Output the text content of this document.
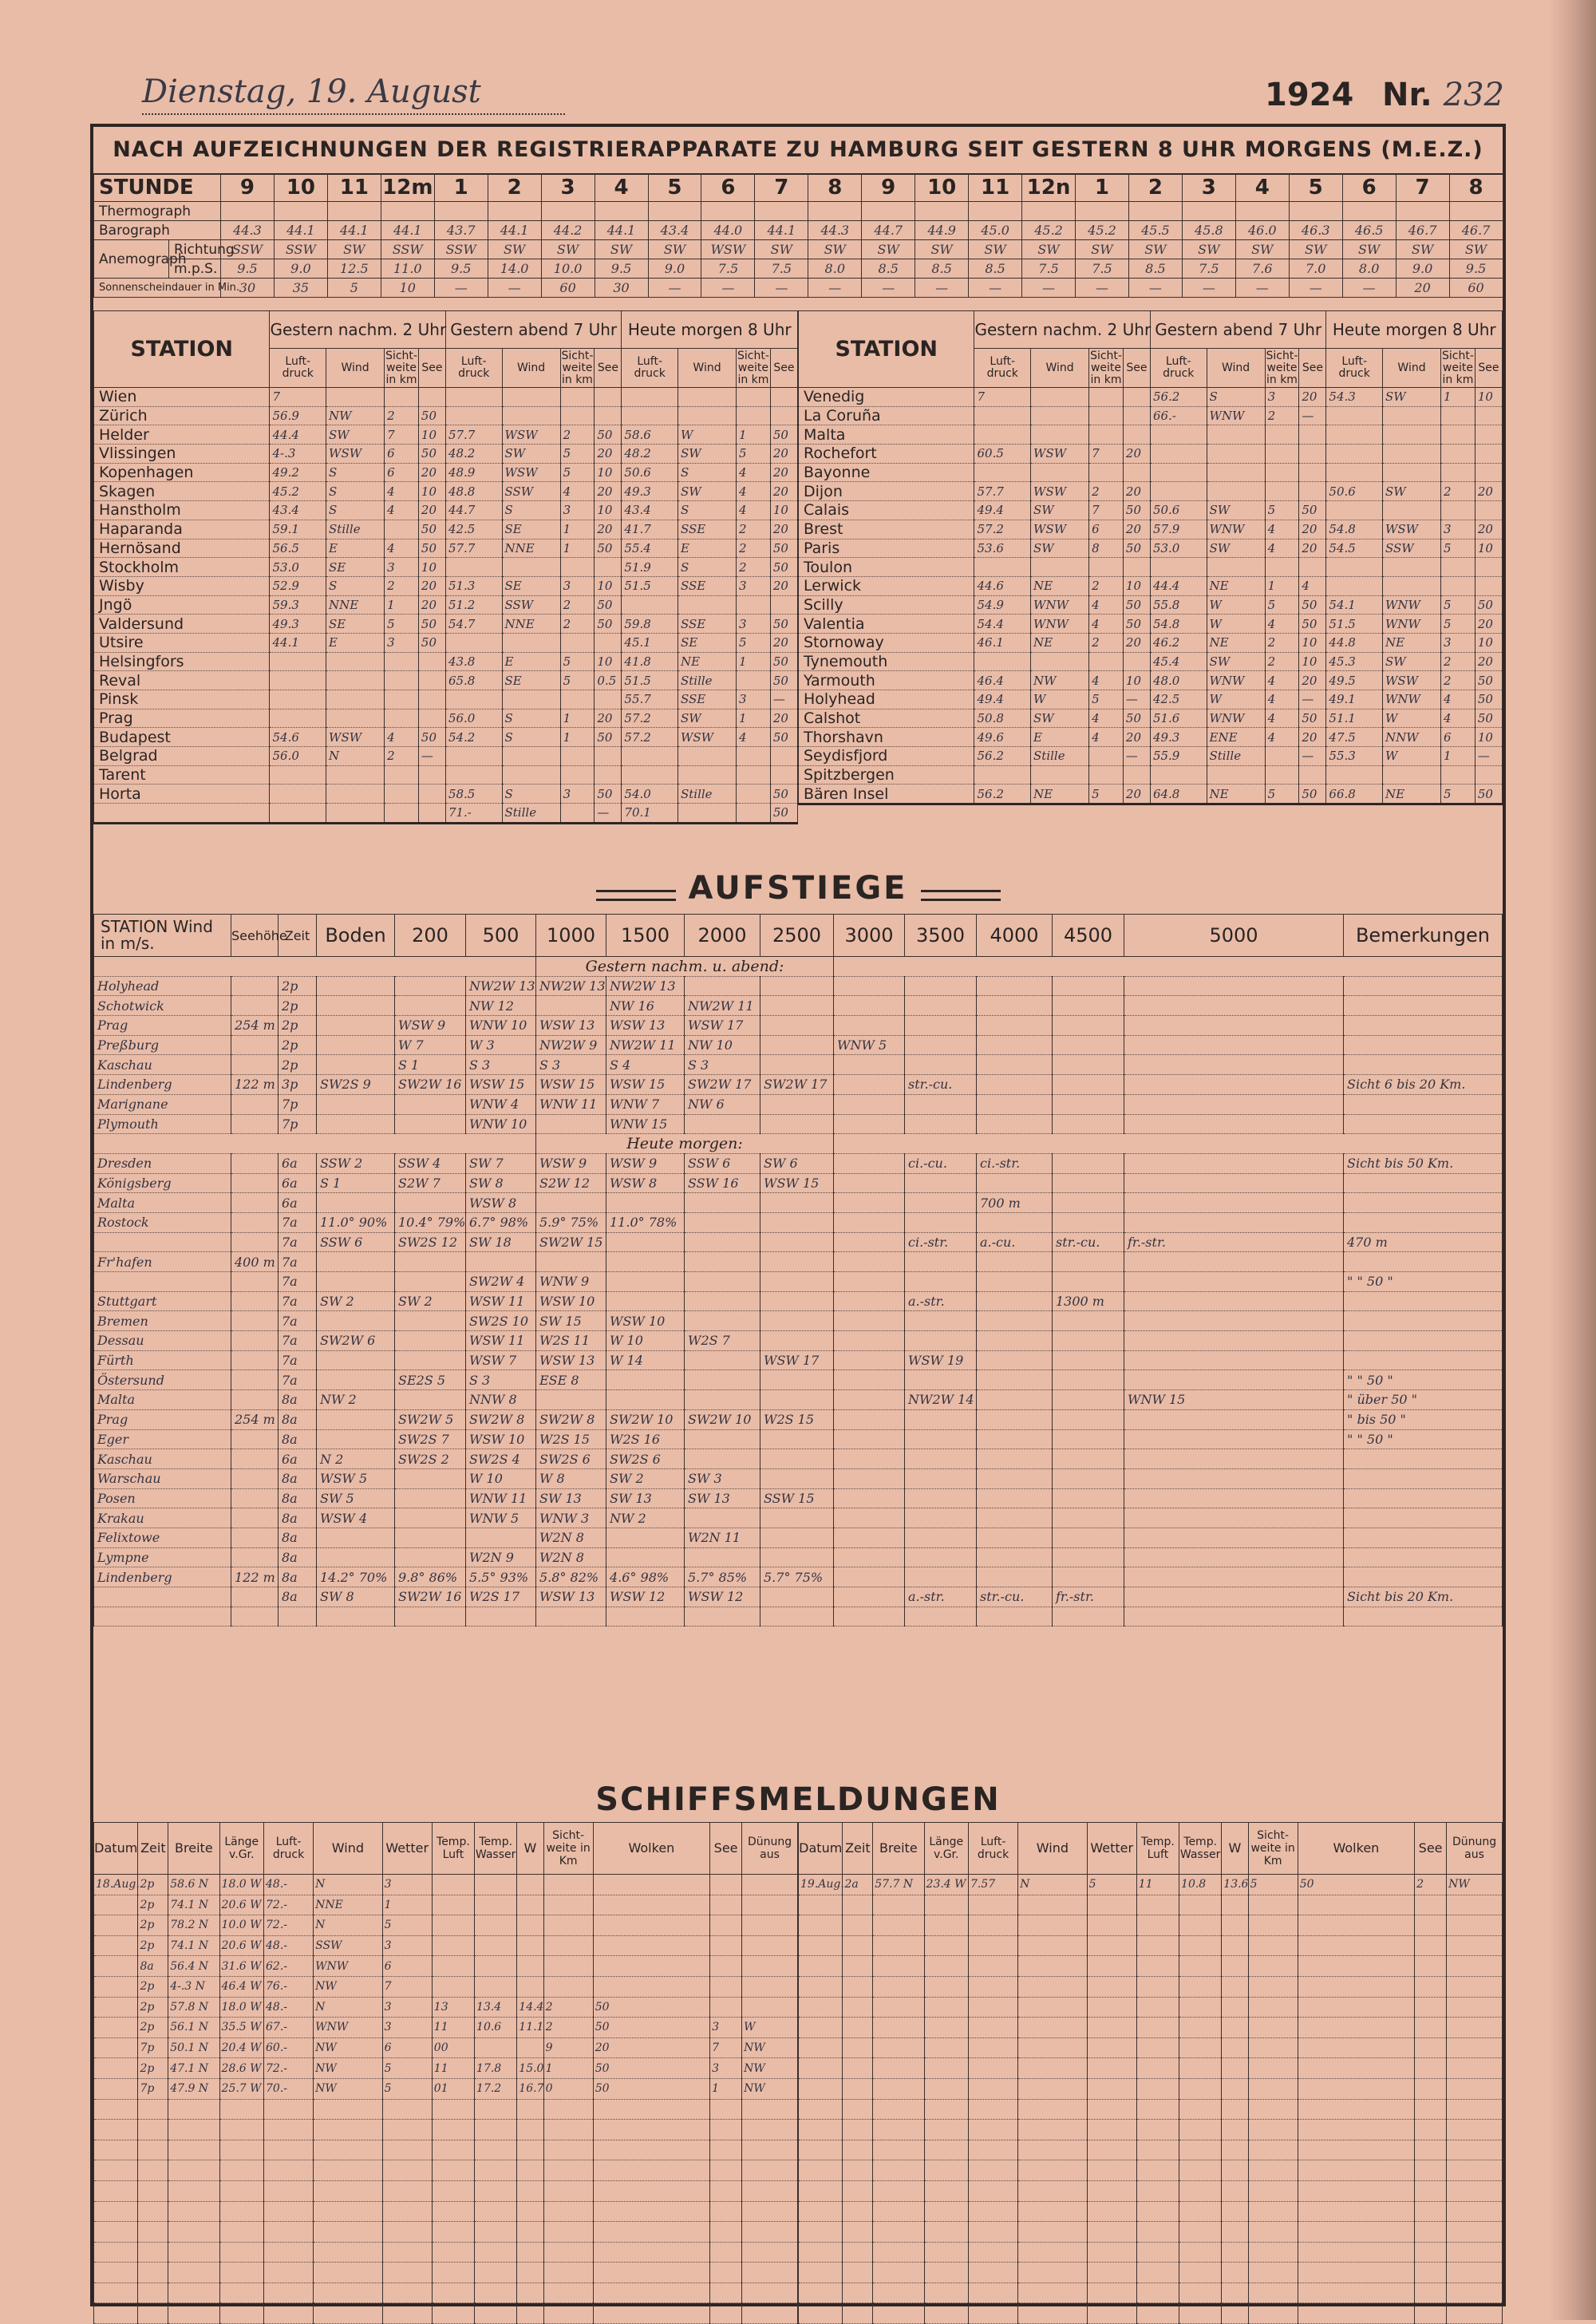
Dienstag, 19. August	1924 Nr. 232
NACH AUFZEICHNUNGEN DER REGISTRIERAPPARATE ZU HAMBURG SEIT GESTERN 8 UHR MORGENS (M.E.Z.)
STUNDE		9	10	11	12m	1	2	3	4	5	6	7	8	9	10	11	12n	1	2	3	4	5	6	7	8
Thermograph																									
Barograph		44.3	44.1	44.1	44.1	43.7	44.1	44.2	44.1	43.4	44.0	44.1	44.3	44.7	44.9	45.0	45.2	45.2	45.5	45.8	46.0	46.3	46.5	46.7	46.7
Anemograph	Richtung	SSW	SSW	SW	SSW	SSW	SW	SW	SW	SW	WSW	SW	SW	SW	SW	SW	SW	SW	SW	SW	SW	SW	SW	SW	SW
	m.p.S.	9.5	9.0	12.5	11.0	9.5	14.0	10.0	9.5	9.0	7.5	7.5	8.0	8.5	8.5	8.5	7.5	7.5	8.5	7.5	7.6	7.0	8.0	9.0	9.5
Sonnenscheindauer in Min.		30	35	5	10	—	—	60	30	—	—	—	—	—	—	—	—	—	—	—	—	—	—	20	60
STATION	Gestern nachm. 2 Uhr				Gestern abend 7 Uhr				Heute morgen 8 Uhr			
	Luft-druck	Wind	Sicht-weite in km	See	Luft-druck	Wind	Sicht-weite in km	See	Luft-druck	Wind	Sicht-weite in km	See
Wien	7											
Zürich	56.9	NW	2	50								
Helder	44.4	SW	7	10	57.7	WSW	2	50	58.6	W	1	50
Vlissingen	4-.3	WSW	6	50	48.2	SW	5	20	48.2	SW	5	20
Kopenhagen	49.2	S	6	20	48.9	WSW	5	10	50.6	S	4	20
Skagen	45.2	S	4	10	48.8	SSW	4	20	49.3	SW	4	20
Hanstholm	43.4	S	4	20	44.7	S	3	10	43.4	S	4	10
Haparanda	59.1	Stille		50	42.5	SE	1	20	41.7	SSE	2	20
Hernösand	56.5	E	4	50	57.7	NNE	1	50	55.4	E	2	50
Stockholm	53.0	SE	3	10					51.9	S	2	50
Wisby	52.9	S	2	20	51.3	SE	3	10	51.5	SSE	3	20
Jngö	59.3	NNE	1	20	51.2	SSW	2	50				
Valdersund	49.3	SE	5	50	54.7	NNE	2	50	59.8	SSE	3	50
Utsire	44.1	E	3	50					45.1	SE	5	20
Helsingfors					43.8	E	5	10	41.8	NE	1	50
Reval					65.8	SE	5	0.5	51.5	Stille		50
Pinsk									55.7	SSE	3	—
Prag					56.0	S	1	20	57.2	SW	1	20
Budapest	54.6	WSW	4	50	54.2	S	1	50	57.2	WSW	4	50
Belgrad	56.0	N	2	—								
Tarent												
Horta					58.5	S	3	50	54.0	Stille		50
					71.-	Stille		—	70.1			50
STATION	Gestern nachm. 2 Uhr				Gestern abend 7 Uhr				Heute morgen 8 Uhr			
	Luft-druck	Wind	Sicht-weite in km	See	Luft-druck	Wind	Sicht-weite in km	See	Luft-druck	Wind	Sicht-weite in km	See
Venedig	7				56.2	S	3	20	54.3	SW	1	10
La Coruña					66.-	WNW	2	—				
Malta												
Rochefort	60.5	WSW	7	20								
Bayonne												
Dijon	57.7	WSW	2	20					50.6	SW	2	20
Calais	49.4	SW	7	50	50.6	SW	5	50				
Brest	57.2	WSW	6	20	57.9	WNW	4	20	54.8	WSW	3	20
Paris	53.6	SW	8	50	53.0	SW	4	20	54.5	SSW	5	10
Toulon												
Lerwick	44.6	NE	2	10	44.4	NE	1	4				
Scilly	54.9	WNW	4	50	55.8	W	5	50	54.1	WNW	5	50
Valentia	54.4	WNW	4	50	54.8	W	4	50	51.5	WNW	5	20
Stornoway	46.1	NE	2	20	46.2	NE	2	10	44.8	NE	3	10
Tynemouth					45.4	SW	2	10	45.3	SW	2	20
Yarmouth	46.4	NW	4	10	48.0	WNW	4	20	49.5	WSW	2	50
Holyhead	49.4	W	5	—	42.5	W	4	—	49.1	WNW	4	50
Calshot	50.8	SW	4	50	51.6	WNW	4	50	51.1	W	4	50
Thorshavn	49.6	E	4	20	49.3	ENE	4	20	47.5	NNW	6	10
Seydisfjord	56.2	Stille		—	55.9	Stille		—	55.3	W	1	—
Spitzbergen												
Bären Insel	56.2	NE	5	20	64.8	NE	5	50	66.8	NE	5	50
AUFSTIEGE
STATION Wind in m/s.	Seehöhe	Zeit	Boden	200	500	1000	1500	2000	2500	3000	3500	4000	4500	5000	Bemerkungen
						Gestern nachm. u. abend:									
Holyhead		2p			NW2W 13	NW2W 13	NW2W 13								
Schotwick		2p			NW 12		NW 16	NW2W 11							
Prag	254 m	2p		WSW 9	WNW 10	WSW 13	WSW 13	WSW 17							
Preßburg		2p		W 7	W 3	NW2W 9	NW2W 11	NW 10		WNW 5					
Kaschau		2p		S 1	S 3	S 3	S 4	S 3							
Lindenberg	122 m	3p	SW2S 9	SW2W 16	WSW 15	WSW 15	WSW 15	SW2W 17	SW2W 17		str.-cu.				Sicht 6 bis 20 Km.
Marignane		7p			WNW 4	WNW 11	WNW 7	NW 6							
Plymouth		7p			WNW 10		WNW 15								
						Heute morgen:									
Dresden		6a	SSW 2	SSW 4	SW 7	WSW 9	WSW 9	SSW 6	SW 6		ci.-cu.	ci.-str.			Sicht bis 50 Km.
Königsberg		6a	S 1	S2W 7	SW 8	S2W 12	WSW 8	SSW 16	WSW 15						
Malta		6a			WSW 8							700 m			
Rostock		7a	11.0° 90%	10.4° 79%	6.7° 98%	5.9° 75%	11.0° 78%								
		7a	SSW 6	SW2S 12	SW 18	SW2W 15					ci.-str.	a.-cu.	str.-cu.	fr.-str.	470 m
Fr'hafen	400 m	7a													
		7a			SW2W 4	WNW 9									" " 50 "
Stuttgart		7a	SW 2	SW 2	WSW 11	WSW 10					a.-str.		1300 m		
Bremen		7a			SW2S 10	SW 15	WSW 10								
Dessau		7a	SW2W 6		WSW 11	W2S 11	W 10	W2S 7							
Fürth		7a			WSW 7	WSW 13	W 14		WSW 17		WSW 19				
Östersund		7a		SE2S 5	S 3	ESE 8									" " 50 "
Malta		8a	NW 2		NNW 8						NW2W 14			WNW 15	" über 50 "
Prag	254 m	8a		SW2W 5	SW2W 8	SW2W 8	SW2W 10	SW2W 10	W2S 15						" bis 50 "
Eger		8a		SW2S 7	WSW 10	W2S 15	W2S 16								" " 50 "
Kaschau		6a	N 2	SW2S 2	SW2S 4	SW2S 6	SW2S 6								
Warschau		8a	WSW 5		W 10	W 8	SW 2	SW 3							
Posen		8a	SW 5		WNW 11	SW 13	SW 13	SW 13	SSW 15						
Krakau		8a	WSW 4		WNW 5	WNW 3	NW 2								
Felixtowe		8a				W2N 8		W2N 11							
Lympne		8a			W2N 9	W2N 8									
Lindenberg	122 m	8a	14.2° 70%	9.8° 86%	5.5° 93%	5.8° 82%	4.6° 98%	5.7° 85%	5.7° 75%						
		8a	SW 8	SW2W 16	W2S 17	WSW 13	WSW 12	WSW 12			a.-str.	str.-cu.	fr.-str.		Sicht bis 20 Km.

SCHIFFSMELDUNGEN
Datum	Zeit	Breite	Länge v.Gr.	Luft-druck	Wind	Wetter	Temp. Luft	Temp. Wasser	W	Sicht-weite in Km	Wolken	See	Dünung aus
18.Aug.	2p	58.6 N	18.0 W	48.-	N	3							
	2p	74.1 N	20.6 W	72.-	NNE	1							
	2p	78.2 N	10.0 W	72.-	N	5							
	2p	74.1 N	20.6 W	48.-	SSW	3							
	8a	56.4 N	31.6 W	62.-	WNW	6							
	2p	4-.3 N	46.4 W	76.-	NW	7							
	2p	57.8 N	18.0 W	48.-	N	3	13	13.4	14.4	2	50		
	2p	56.1 N	35.5 W	67.-	WNW	3	11	10.6	11.1	2	50	3	W
	7p	50.1 N	20.4 W	60.-	NW	6	00			9	20	7	NW
	2p	47.1 N	28.6 W	72.-	NW	5	11	17.8	15.0	1	50	3	NW
	7p	47.9 N	25.7 W	70.-	NW	5	01	17.2	16.7	0	50	1	NW

Datum	Zeit	Breite	Länge v.Gr.	Luft-druck	Wind	Wetter	Temp. Luft	Temp. Wasser	W	Sicht-weite in Km	Wolken	See	Dünung aus
19.Aug.	2a	57.7 N	23.4 W	7.57	N	5	11	10.8	13.6	5	50	2	NW
